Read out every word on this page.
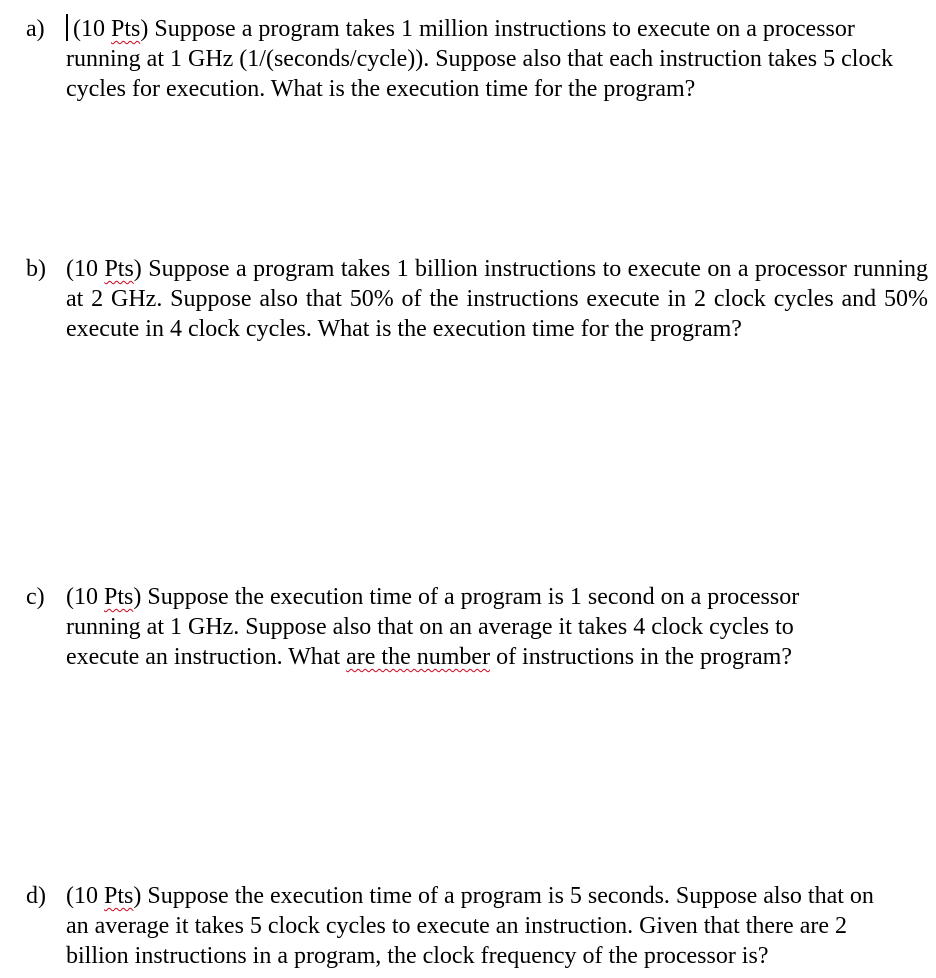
a)	(10 Pts) Suppose a program takes 1 million instructions to execute on a processor running at 1 GHz (1/(seconds/cycle)). Suppose also that each instruction takes 5 clock cycles for execution. What is the execution time for the program?
b) (10 Pts) Suppose a program takes 1 billion instructions to execute on a processor running at 2 GHz. Suppose also that 50% of the instructions execute in 2 clock cycles and 50% execute in 4 clock cycles. What is the execution time for the program?
c) (10 Pts) Suppose the execution time of a program is 1 second on a processor running at 1 GHz. Suppose also that on an average it takes 4 clock cycles to execute an instruction. What are the number of instructions in the program?
d) (10 Pts) Suppose the execution time of a program is 5 seconds. Suppose also that on an average it takes 5 clock cycles to execute an instruction. Given that there are 2 billion instructions in a program, the clock frequency of the processor is?
